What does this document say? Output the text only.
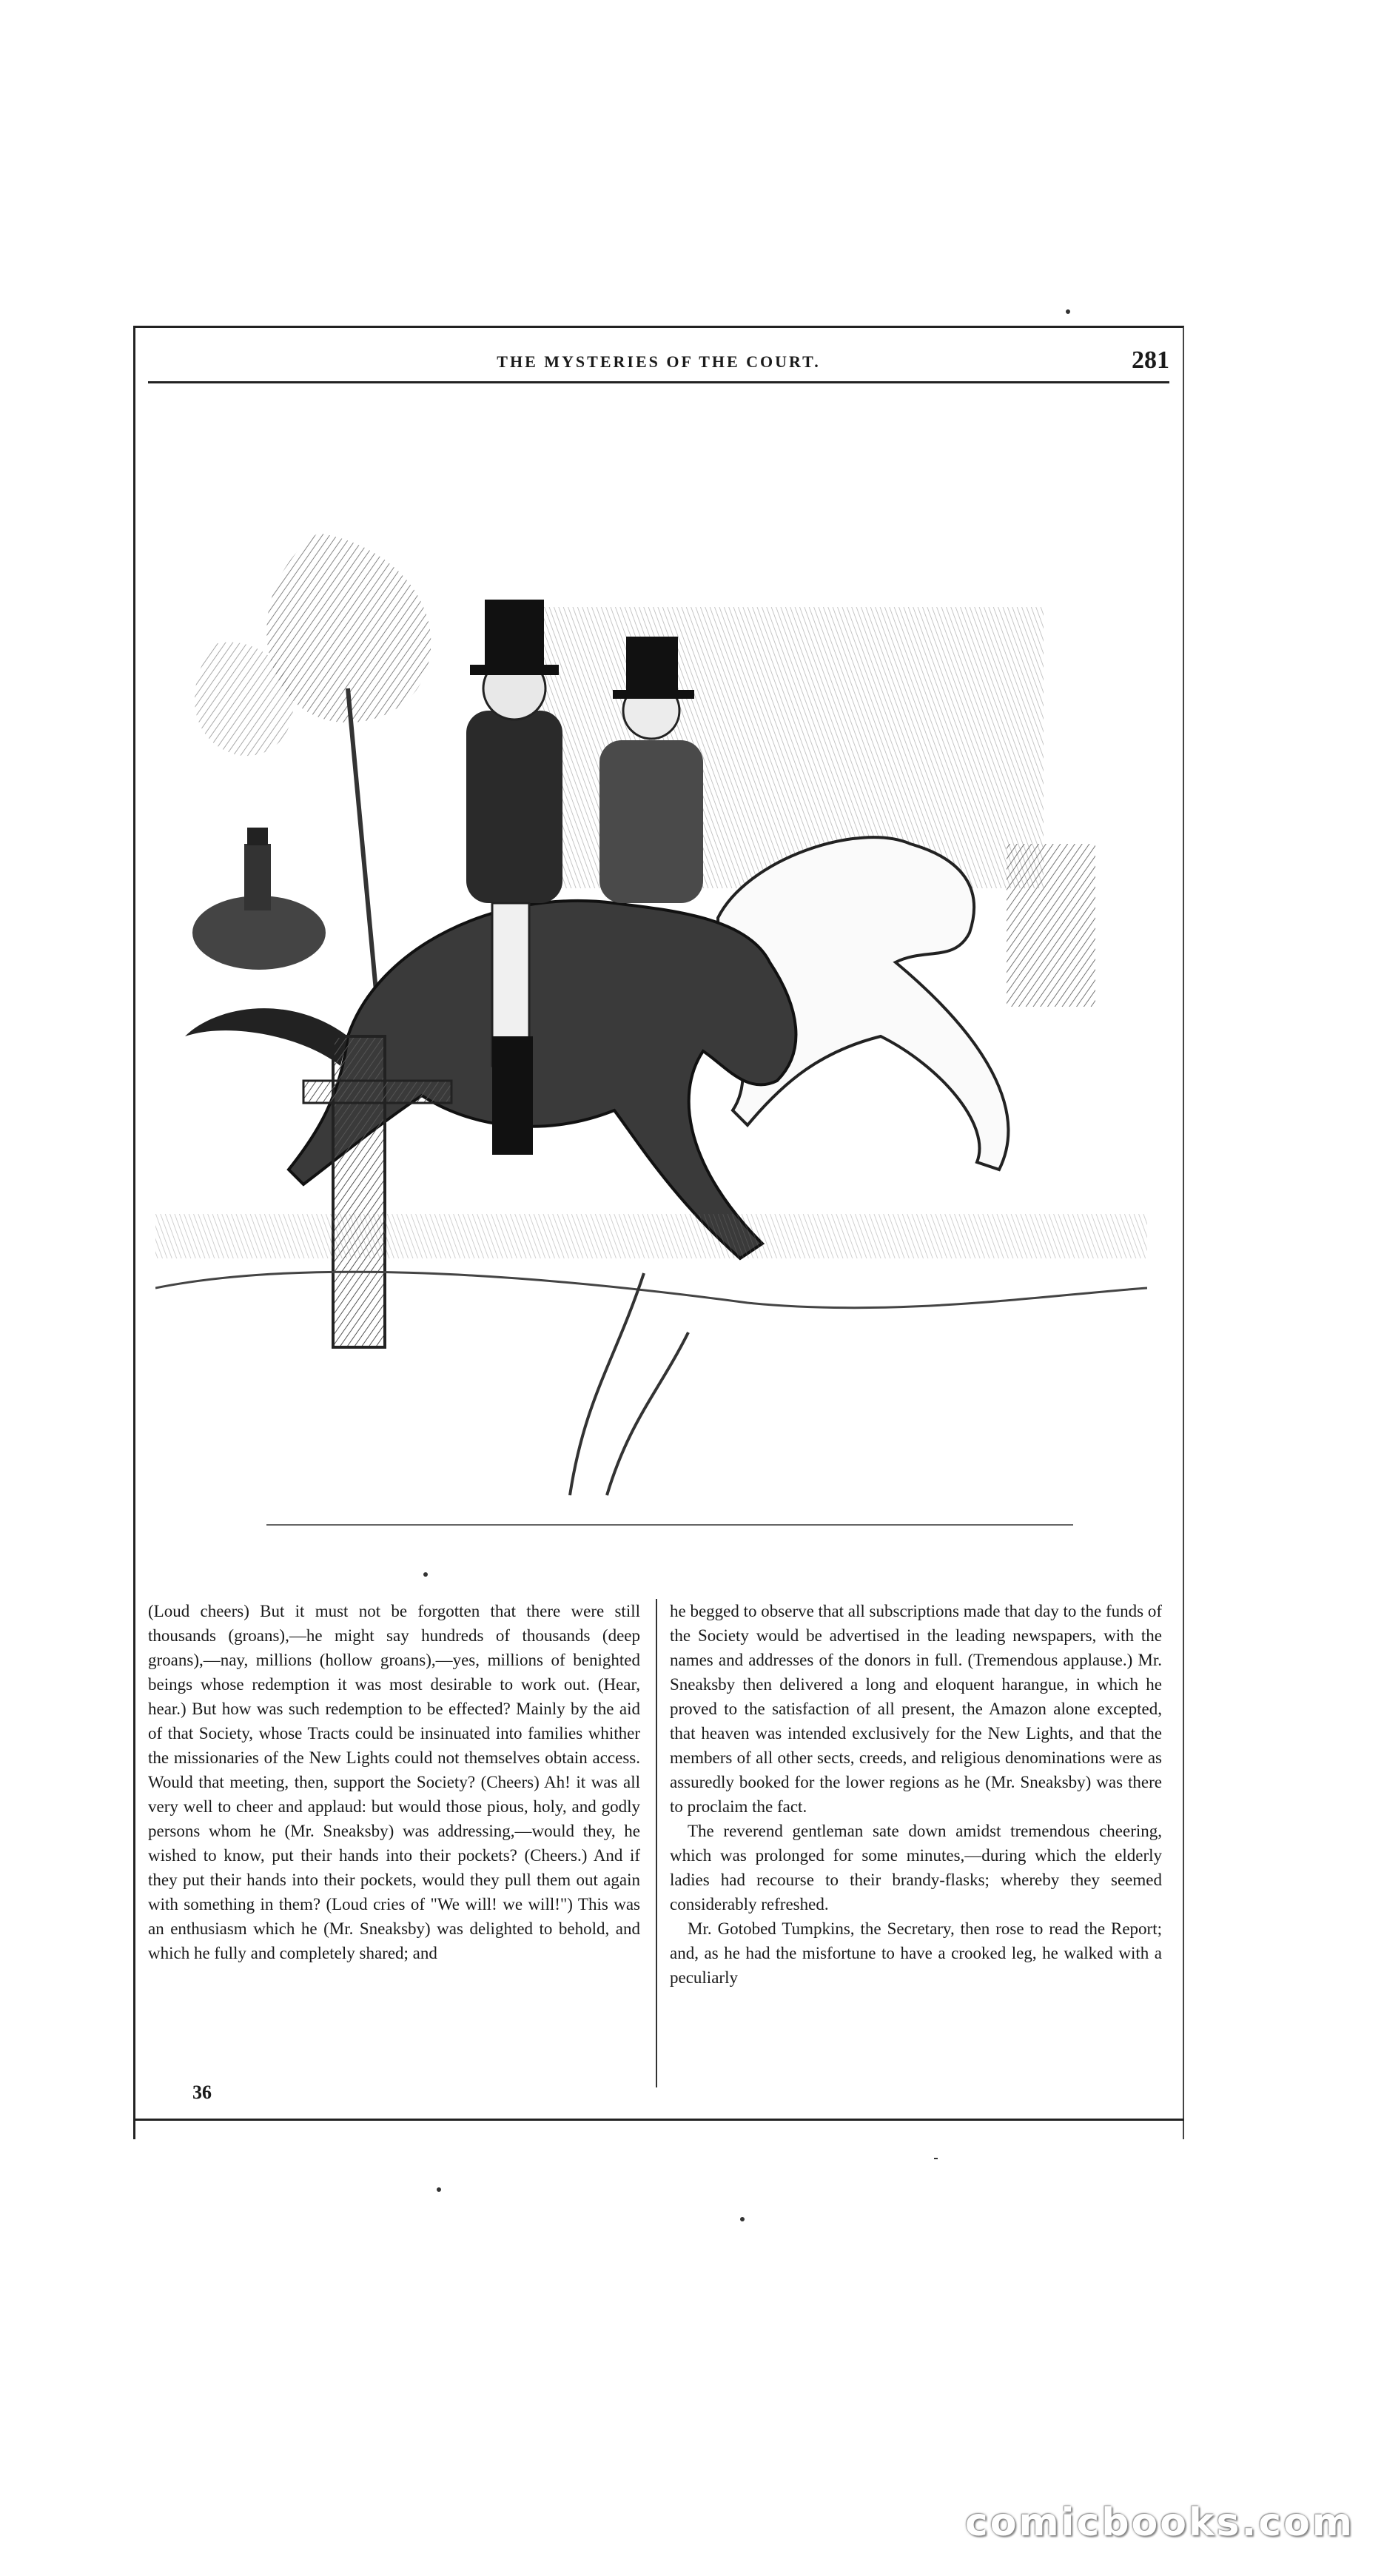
THE MYSTERIES OF THE COURT.	281

(Loud cheers) But it must not be forgotten that there were still thousands (groans),—he might say hundreds of thousands (deep groans),—nay, millions (hollow groans),—yes, millions of benighted beings whose redemption it was most desirable to work out. (Hear, hear.) But how was such redemption to be effected? Mainly by the aid of that Society, whose Tracts could be insinuated into families whither the missionaries of the New Lights could not themselves obtain access. Would that meeting, then, support the Society? (Cheers) Ah! it was all very well to cheer and applaud: but would those pious, holy, and godly persons whom he (Mr. Sneaksby) was addressing,—would they, he wished to know, put their hands into their pockets? (Cheers.) And if they put their hands into their pockets, would they pull them out again with something in them? (Loud cries of "We will! we will!") This was an enthusiasm which he (Mr. Sneaksby) was delighted to behold, and which he fully and completely shared; and

he begged to observe that all subscriptions made that day to the funds of the Society would be advertised in the leading newspapers, with the names and addresses of the donors in full. (Tremendous applause.) Mr. Sneaksby then delivered a long and eloquent harangue, in which he proved to the satisfaction of all present, the Amazon alone excepted, that heaven was intended exclusively for the New Lights, and that the members of all other sects, creeds, and religious denominations were as assuredly booked for the lower regions as he (Mr. Sneaksby) was there to proclaim the fact.

The reverend gentleman sate down amidst tremendous cheering, which was prolonged for some minutes,—during which the elderly ladies had recourse to their brandy-flasks; whereby they seemed considerably refreshed.

Mr. Gotobed Tumpkins, the Secretary, then rose to read the Report; and, as he had the misfortune to have a crooked leg, he walked with a peculiarly

36
comicbooks.com
